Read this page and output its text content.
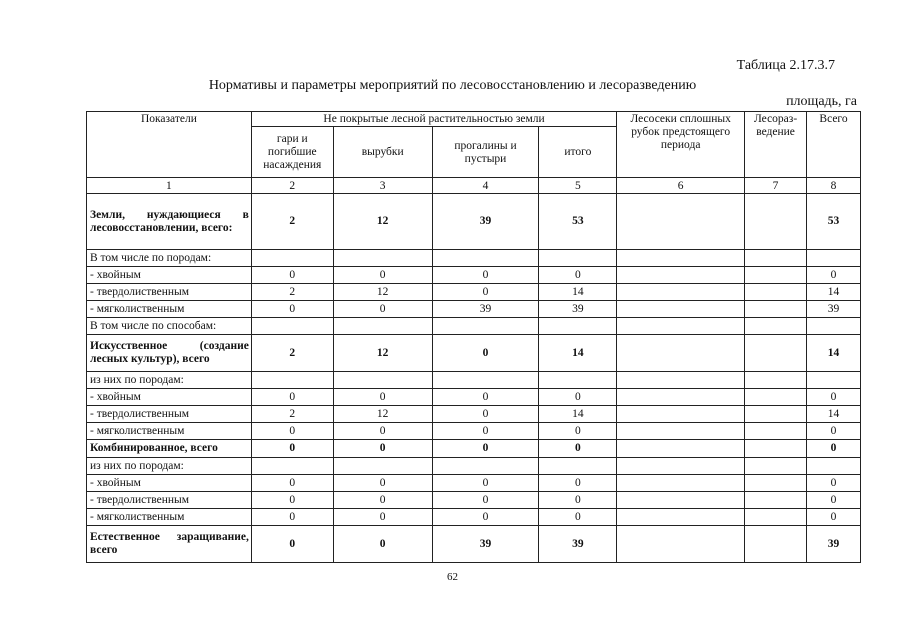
Таблица 2.17.3.7
Нормативы и параметры мероприятий по лесовосстановлению и лесоразведению
площадь, га
Показатели	Не покрытые лесной растительностью земли				Лесосеки сплошных рубок предстоящего периода	Лесораз-ведение	Всего
	гари и погибшие насаждения	вырубки	прогалины и пустыри	итого			
1	2	3	4	5	6	7	8
Земли, нуждающиеся в лесовосстановлении, всего:	2	12	39	53			53
В том числе по породам:							
- хвойным	0	0	0	0			0
- твердолиственным	2	12	0	14			14
- мягколиственным	0	0	39	39			39
В том числе по способам:							
Искусственное (создание лесных культур), всего	2	12	0	14			14
из них по породам:							
- хвойным	0	0	0	0			0
- твердолиственным	2	12	0	14			14
- мягколиственным	0	0	0	0			0
Комбинированное, всего	0	0	0	0			0
из них по породам:							
- хвойным	0	0	0	0			0
- твердолиственным	0	0	0	0			0
- мягколиственным	0	0	0	0			0
Естественное заращивание, всего	0	0	39	39			39
62
